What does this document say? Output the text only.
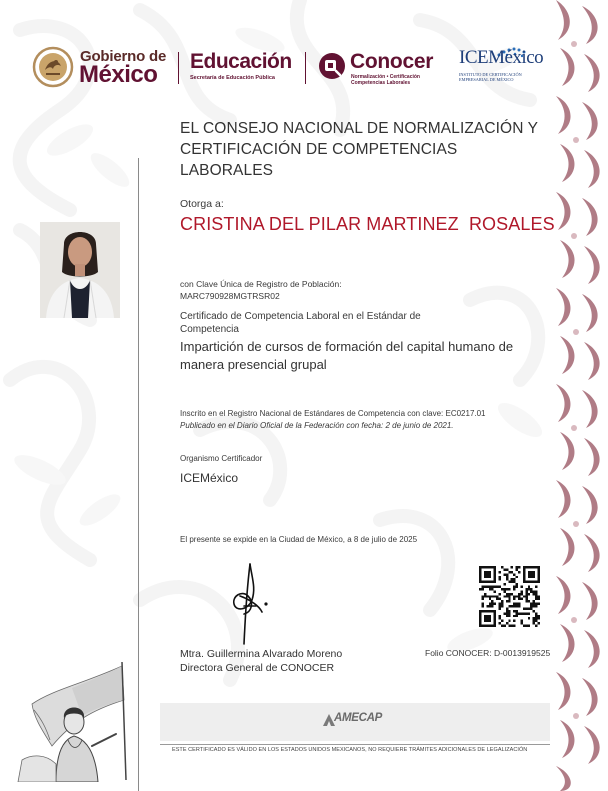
Gobierno de
México Educación
Secretaría de Educación Pública
Conocer
Normalización • Certificación
Competencias Laborales
ICEMéxico
INSTITUTO DE CERTIFICACIÓN
EMPRESARIAL DE MÉXICO
EL CONSEJO NACIONAL DE NORMALIZACIÓN Y CERTIFICACIÓN DE COMPETENCIAS LABORALES
Otorga a:
CRISTINA DEL PILAR MARTINEZ  ROSALES
con Clave Única de Registro de Población:
MARC790928MGTRSR02
Certificado de Competencia Laboral en el Estándar de Competencia
Impartición de cursos de formación del capital humano de manera presencial grupal
Inscrito en el Registro Nacional de Estándares de Competencia con clave: EC0217.01
Publicado en el Diario Oficial de la Federación con fecha: 2 de junio de 2021.
Organismo Certificador
ICEMéxico
El presente se expide en la Ciudad de México, a 8 de julio de 2025
Mtra. Guillermina Alvarado Moreno
Directora General de CONOCER
Folio CONOCER: D-0013919525
AMECAP
ESTE CERTIFICADO ES VÁLIDO EN LOS ESTADOS UNIDOS MEXICANOS, NO REQUIERE TRÁMITES ADICIONALES DE LEGALIZACIÓN
